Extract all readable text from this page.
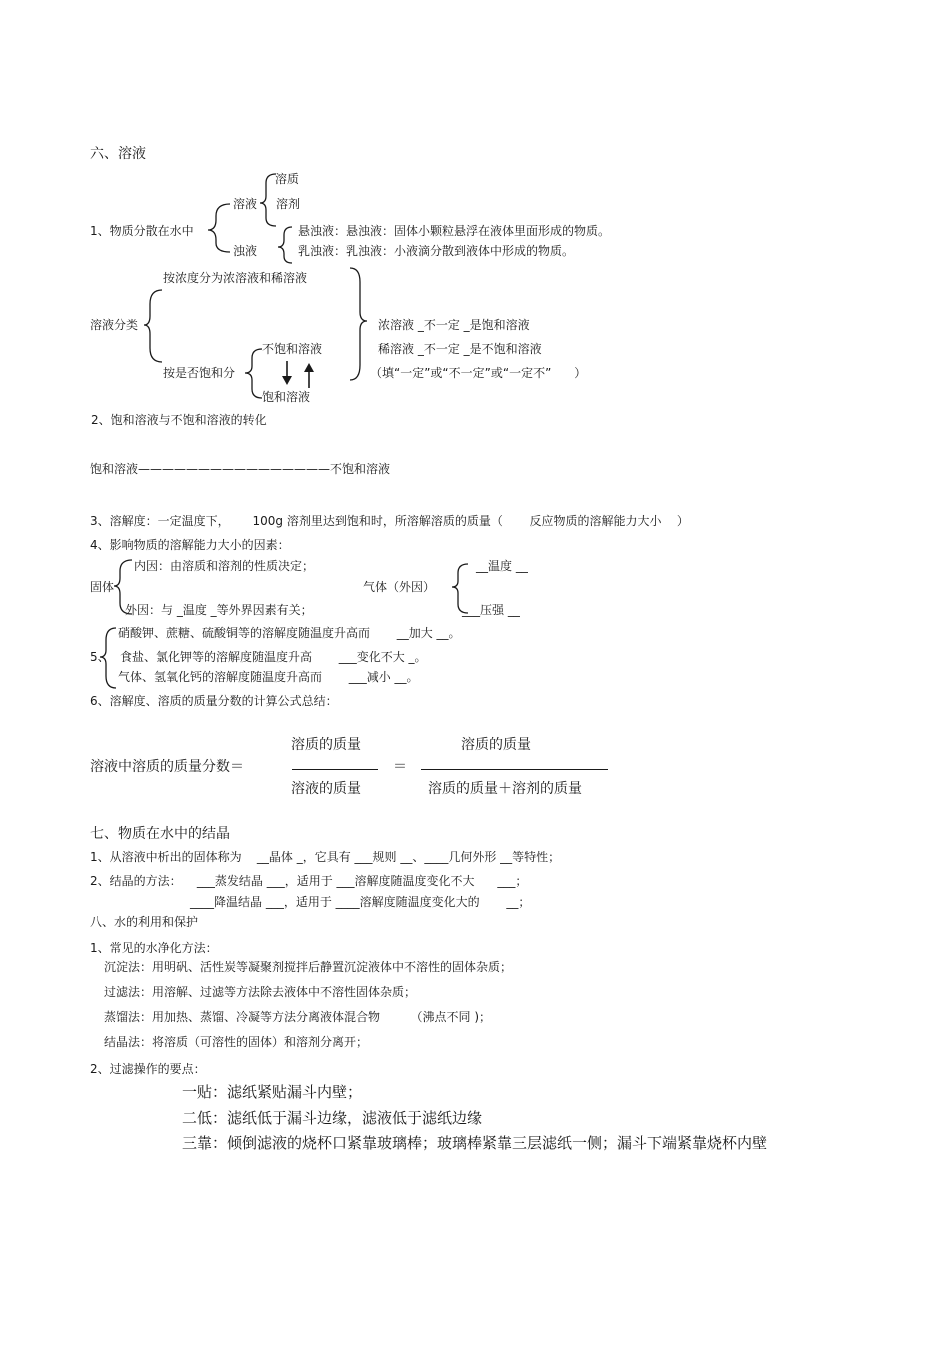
六、溶液
溶质
溶液 溶剂
1、物质分散在水中	悬浊液：悬浊液：固体小颗粒悬浮在液体里面形成的物质。
浊液	乳浊液：乳浊液：小液滴分散到液体中形成的物质。
按浓度分为浓溶液和稀溶液
溶液分类	浓溶液 _不一定 _是饱和溶液
不饱和溶液	稀溶液 _不一定 _是不饱和溶液
按是否饱和分	（填“一定”或“不一定”或“一定不”      ）
饱和溶液
2、饱和溶液与不饱和溶液的转化
饱和溶液————————————————不饱和溶液
3、溶解度：一定温度下，      100g 溶剂里达到饱和时，所溶解溶质的质量（       反应物质的溶解能力大小    ）
4、影响物质的溶解能力大小的因素：
__温度 __
内因：由溶质和溶剂的性质决定；
固体	气体（外因）
外因：与 _温度 _等外界因素有关；	___压强 __
硝酸钾、蔗糖、硫酸铜等的溶解度随温度升高而       __加大 __。
5、 食盐、氯化钾等的溶解度随温度升高       ___变化不大 _。
气体、氢氧化钙的溶解度随温度升高而       ___减小 __。
6、溶解度、溶质的质量分数的计算公式总结：
溶质的质量	溶质的质量
溶液中溶质的质量分数＝	＝
溶液的质量	溶质的质量＋溶剂的质量
七、物质在水中的结晶
1、从溶液中析出的固体称为    __晶体 _，它具有 ___规则 __、____几何外形 __等特性；
2、结晶的方法：    ___蒸发结晶 ___，适用于 ___溶解度随温度变化不大      ___；
____降温结晶 ___，适用于 ____溶解度随温度变化大的       __；
八、水的利用和保护
1、常见的水净化方法：
沉淀法：用明矾、活性炭等凝聚剂搅拌后静置沉淀液体中不溶性的固体杂质；
过滤法：用溶解、过滤等方法除去液体中不溶性固体杂质；
蒸馏法：用加热、蒸馏、冷凝等方法分离液体混合物        （沸点不同 )；
结晶法：将溶质（可溶性的固体）和溶剂分离开；
2、过滤操作的要点：
一贴：滤纸紧贴漏斗内壁；
二低：滤纸低于漏斗边缘，滤液低于滤纸边缘
三靠：倾倒滤液的烧杯口紧靠玻璃棒；玻璃棒紧靠三层滤纸一侧；漏斗下端紧靠烧杯内壁
